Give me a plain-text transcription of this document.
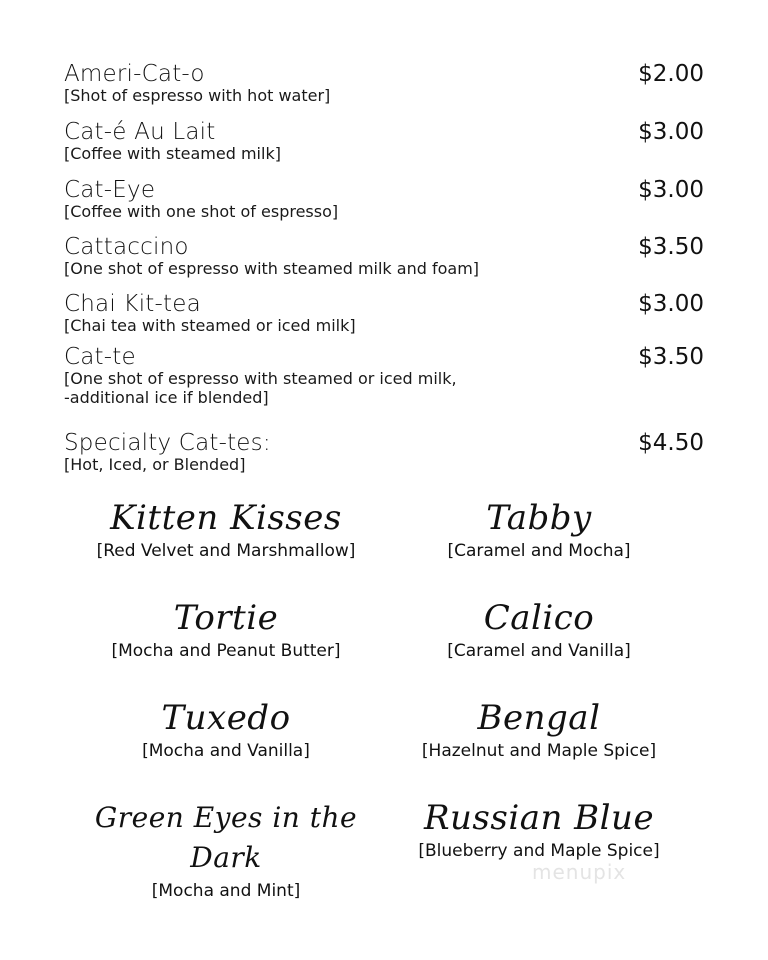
Ameri-Cat-o
[Shot of espresso with hot water]
$2.00
Cat-é Au Lait
[Coffee with steamed milk]
$3.00
Cat-Eye
[Coffee with one shot of espresso]
$3.00
Cattaccino
[One shot of espresso with steamed milk and foam]
$3.50
Chai Kit-tea
[Chai tea with steamed or iced milk]
$3.00
Cat-te
[One shot of espresso with steamed or iced milk,
-additional ice if blended]
$3.50
Specialty Cat-tes:
[Hot, Iced, or Blended]
$4.50
Kitten Kisses
[Red Velvet and Marshmallow]
Tabby
[Caramel and Mocha]
Tortie
[Mocha and Peanut Butter]
Calico
[Caramel and Vanilla]
Tuxedo
[Mocha and Vanilla]
Bengal
[Hazelnut and Maple Spice]
Green Eyes in the Dark
[Mocha and Mint]
Russian Blue
[Blueberry and Maple Spice]
menupix
